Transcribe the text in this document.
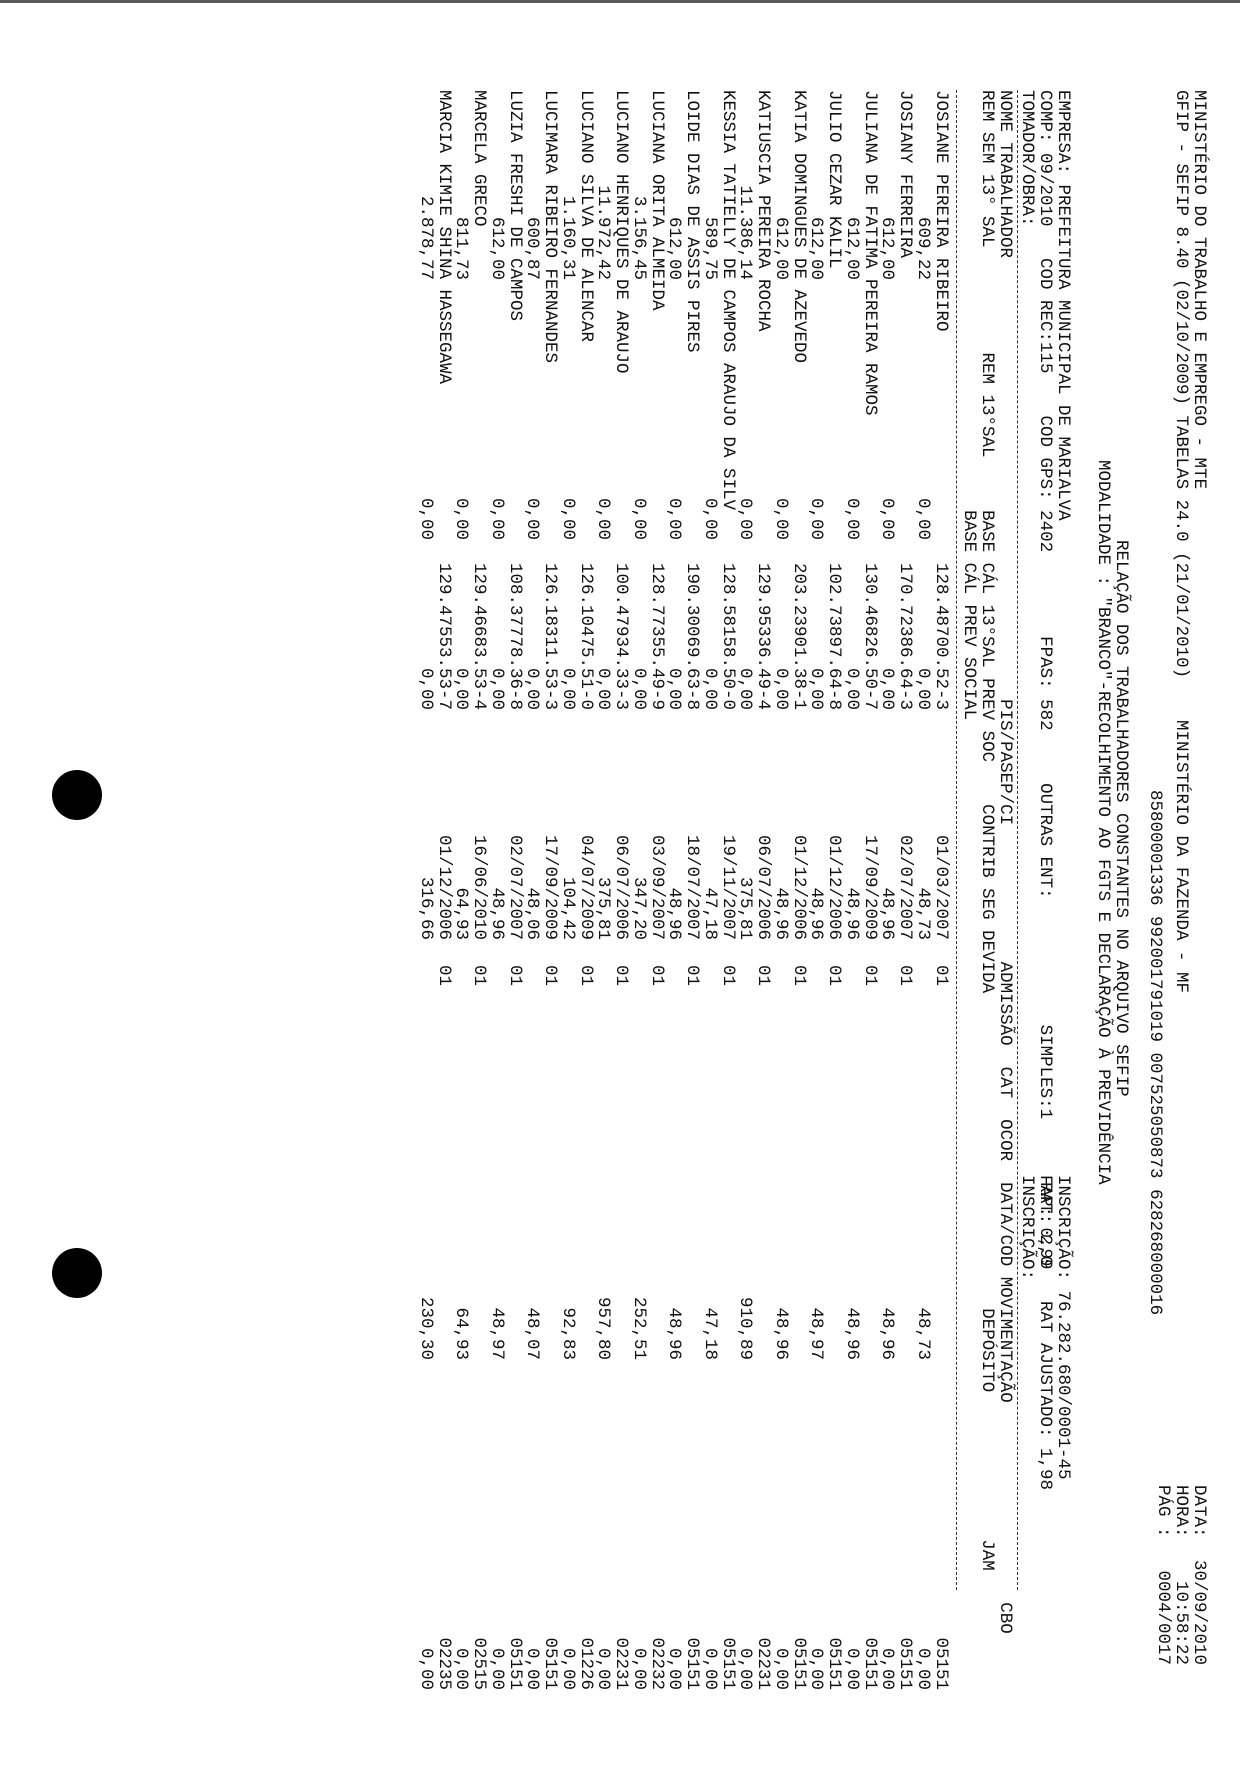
MINISTÉRIO DO TRABALHO E EMPREGO - MTE
GFIP - SEFIP 8.40 (02/10/2009) TABELAS 24.0 (21/01/2010)
MINISTÉRIO DA FAZENDA - MF
DATA:
30/09/2010
HORA:
10:58:22
PÁG :
0004/0017
85800001336 99200179101​9 00752505087​3 62826800001​6
RELAÇÃO DOS TRABALHADORES CONSTANTES NO ARQUIVO SEFIP
MODALIDADE : "BRANCO"-RECOLHIMENTO AO FGTS E DECLARAÇÃO À PREVIDÊNCIA
EMPRESA: PREFEITURA MUNICIPAL DE MARIALVA
INSCRIÇÃO: 76.282.680/0001-45
COMP: 09/2010   COD REC:115    COD GPS: 2402        FPAS: 582     OUTRAS ENT:            SIMPLES:1      RAT: 2,0
FAP: 0,99   RAT AJUSTADO: 1,98
TOMADOR/OBRA:
INSCRIÇÃO:
NOME TRABALHADOR                                          PIS/PASEP/CI             ADMISSÃO  CAT  OCOR  DATA/COD MOVIMENTAÇÃO                   CBO
REM SEM 13° SAL          REM 13°SAL     BASE CÁL 13°SAL PREV SOC    CONTRIB SEG DEVIDA                              DEPÓSITO              JAM
BASE CÁL PREV SOCIAL
JOSIANE PEREIRA RIBEIRO
128.48700.52-3
01/03/2007
01
05151
609,22
0,00
0,00
48,73
48,73
0,00
JOSIANY FERREIRA
170.72386.64-3
02/07/2007
01
05151
612,00
0,00
0,00
48,96
48,96
0,00
JULIANA DE FATIMA PEREIRA RAMOS
130.46826.50-7
17/09/2009
01
05151
612,00
0,00
0,00
48,96
48,96
0,00
JULIO CEZAR KALIL
102.73897.64-8
01/12/2006
01
05151
612,00
0,00
0,00
48,96
48,97
0,00
KATIA DOMINGUES DE AZEVEDO
203.23901.38-1
01/12/2006
01
05151
612,00
0,00
0,00
48,96
48,96
0,00
KATIUSCIA PEREIRA ROCHA
129.95336.49-4
06/07/2006
01
02231
11.386,14
0,00
0,00
375,81
910,89
0,00
KESSIA TATIELLY DE CAMPOS ARAUJO DA SILV
128.58158.50-0
19/11/2007
01
05151
589,75
0,00
0,00
47,18
47,18
0,00
LOIDE DIAS DE ASSIS PIRES
190.30069.63-8
18/07/2007
01
05151
612,00
0,00
0,00
48,96
48,96
0,00
LUCIANA ORITA ALMEIDA
128.77355.49-9
03/09/2007
01
02232
3.156,45
0,00
0,00
347,20
252,51
0,00
LUCIANO HENRIQUES DE ARAUJO
100.47934.33-3
06/07/2006
01
02231
11.972,42
0,00
0,00
375,81
957,80
0,00
LUCIANO SILVA DE ALENCAR
126.10475.51-0
04/07/2009
01
01226
1.160,31
0,00
0,00
104,42
92,83
0,00
LUCIMARA RIBEIRO FERNANDES
126.18311.53-3
17/09/2009
01
05151
600,87
0,00
0,00
48,06
48,07
0,00
LUZIA FRESHI DE CAMPOS
108.37778.36-8
02/07/2007
01
05151
612,00
0,00
0,00
48,96
48,97
0,00
MARCELA GRECO
129.46683.53-4
16/06/2010
01
02515
811,73
0,00
0,00
64,93
64,93
0,00
MARCIA KIMIE SHINA HASSEGAWA
129.47553.53-7
01/12/2006
01
02235
2.878,77
0,00
0,00
316,66
230,30
0,00
